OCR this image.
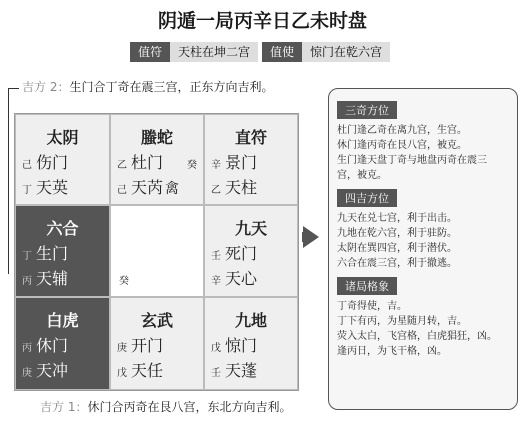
阴遁一局丙辛日乙未时盘
值符	天柱在坤二宫	值使	惊门在乾六宫
吉方 2：生门合丁奇在震三宫，正东方向吉利。
吉方 1：休门合丙奇在艮八宫，东北方向吉利。
太阴
己 伤门
丁 天英
螣蛇
乙 杜门 癸
己 天芮 禽
直符
辛 景门
乙 天柱
六合
丁 生门
丙 天辅	癸
九天
壬 死门
辛 天心
白虎
丙 休门
庚 天冲
玄武
庚 开门
戊 天任
九地
戊 惊门
壬 天蓬
三奇方位
杜门逢乙奇在离九宫，生宫。
休门逢丙奇在艮八宫，被克。
生门逢天盘丁奇与地盘丙奇在震三
宫，被克。
四吉方位
九天在兑七宫，利于出击。
九地在乾六宫，利于驻防。
太阴在巽四宫，利于潜伏。
六合在震三宫，利于撤逃。
诸局格象
丁奇得使，吉。
丁下有丙，为星随月转，吉。
荧入太白，飞宫格，白虎猖狂，凶。
逢丙日，为飞干格，凶。
